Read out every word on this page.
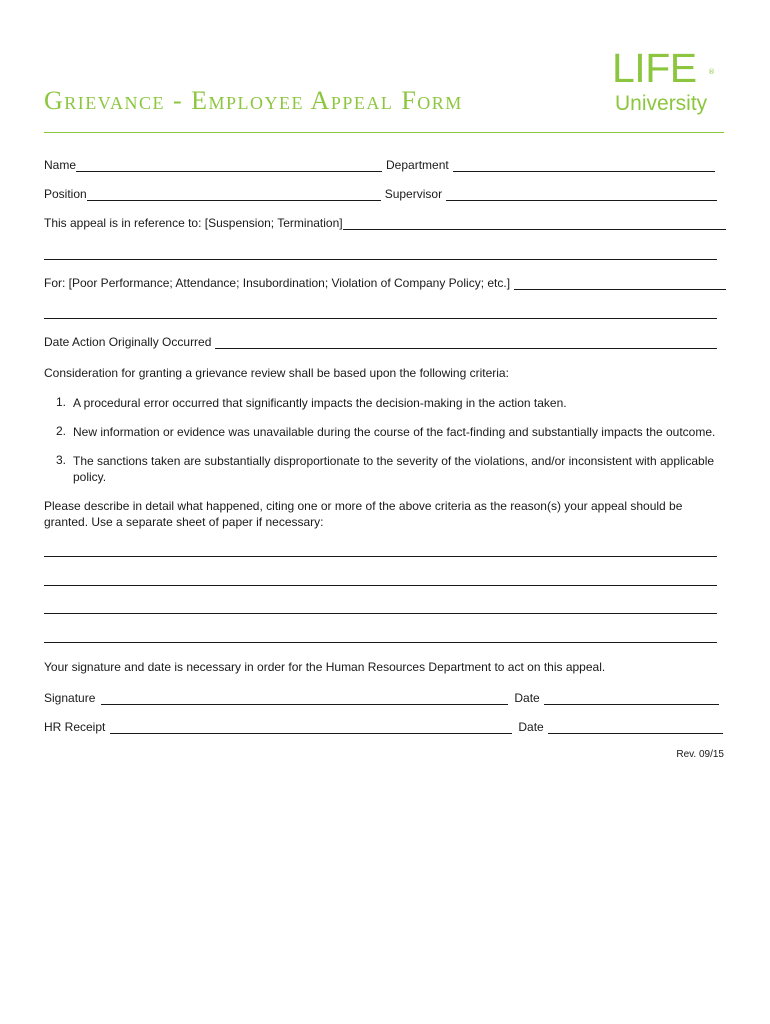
Grievance - Employee Appeal Form
LIFE ®
University
Name	Department
Position	Supervisor
This appeal is in reference to: [Suspension; Termination]
For: [Poor Performance; Attendance; Insubordination; Violation of Company Policy; etc.]
Date Action Originally Occurred
Consideration for granting a grievance review shall be based upon the following criteria:
1. A procedural error occurred that significantly impacts the decision-making in the action taken.
2. New information or evidence was unavailable during the course of the fact-finding and substantially impacts the outcome.
3. The sanctions taken are substantially disproportionate to the severity of the violations, and/or inconsistent with applicable policy.
Please describe in detail what happened, citing one or more of the above criteria as the reason(s) your appeal should be granted. Use a separate sheet of paper if necessary:
Your signature and date is necessary in order for the Human Resources Department to act on this appeal.
Signature	Date
HR Receipt	Date
Rev. 09/15
